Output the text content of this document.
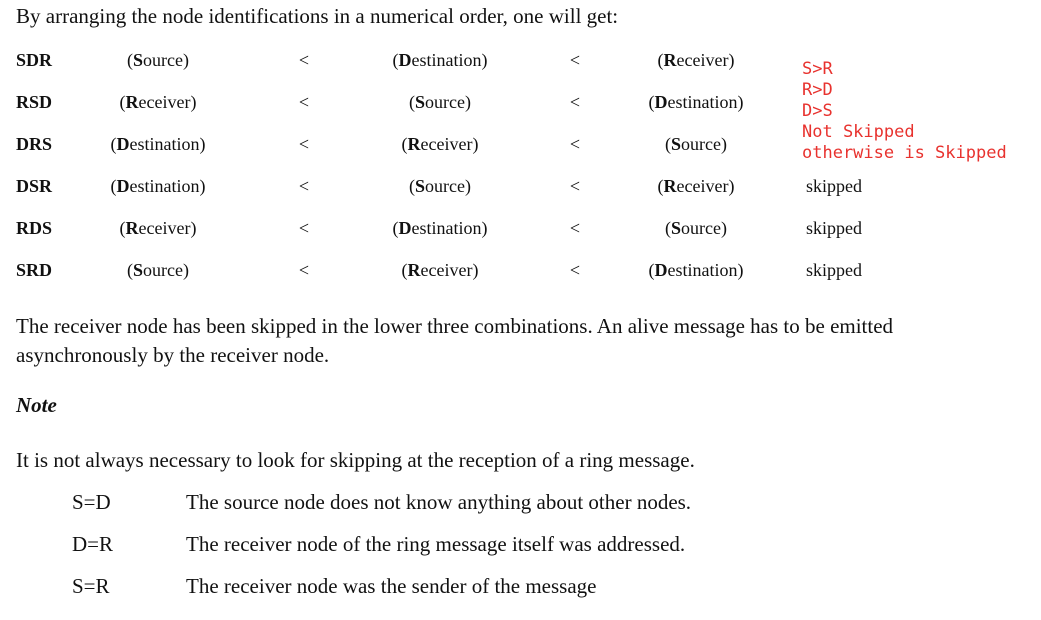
By arranging the node identifications in a numerical order, one will get:
SDR	(Source)	<	(Destination)	<	(Receiver)
RSD	(Receiver)	<	(Source)	<	(Destination)
DRS	(Destination)	<	(Receiver)	<	(Source)
DSR	(Destination)	<	(Source)	<	(Receiver)	skipped
RDS	(Receiver)	<	(Destination)	<	(Source)	skipped
SRD	(Source)	<	(Receiver)	<	(Destination)	skipped
S>R
R>D
D>S
Not Skipped
otherwise is Skipped
The receiver node has been skipped in the lower three combinations. An alive message has to be emitted asynchronously by the receiver node.
Note
It is not always necessary to look for skipping at the reception of a ring message.
S=D	The source node does not know anything about other nodes.
D=R	The receiver node of the ring message itself was addressed.
S=R	The receiver node was the sender of the message
